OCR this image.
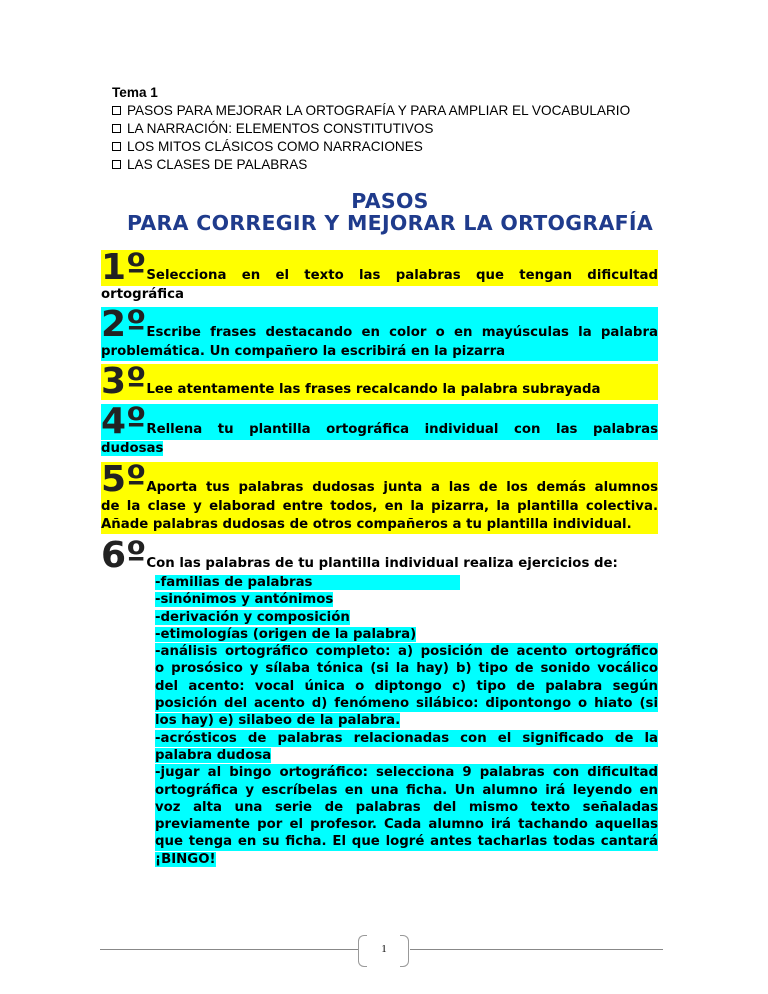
Tema 1
PASOS PARA MEJORAR LA ORTOGRAFÍA Y PARA AMPLIAR EL VOCABULARIO
LA NARRACIÓN: ELEMENTOS CONSTITUTIVOS
LOS MITOS CLÁSICOS COMO NARRACIONES
LAS CLASES DE PALABRAS
PASOS
PARA CORREGIR Y MEJORAR LA ORTOGRAFÍA
1ºSelecciona en el texto las palabras que tengan dificultad
ortográfica
2ºEscribe frases destacando en color o en mayúsculas la palabra
problemática. Un compañero la escribirá en la pizarra
3ºLee atentamente las frases recalcando la palabra subrayada
4ºRellena tu plantilla ortográfica individual con las palabras
dudosas
5ºAporta tus palabras dudosas junta a las de los demás alumnos
de la clase y elaborad entre todos, en la pizarra, la plantilla colectiva.
Añade palabras dudosas de otros compañeros a tu plantilla individual.
6ºCon las palabras de tu plantilla individual realiza ejercicios de:
-familias de palabras
-sinónimos y antónimos
-derivación y composición
-etimologías (origen de la palabra)
-análisis ortográfico completo: a) posición de acento ortográfico
o prosósico y sílaba tónica (si la hay) b) tipo de sonido vocálico
del acento: vocal única o diptongo c) tipo de palabra según
posición del acento d) fenómeno silábico: dipontongo o hiato (si
los hay) e) silabeo de la palabra.
-acrósticos de palabras relacionadas con el significado de la
palabra dudosa
-jugar al bingo ortográfico: selecciona 9 palabras con dificultad
ortográfica y escríbelas en una ficha. Un alumno irá leyendo en
voz alta una serie de palabras del mismo texto señaladas
previamente por el profesor. Cada alumno irá tachando aquellas
que tenga en su ficha. El que logré antes tacharlas todas cantará
¡BINGO!
1
